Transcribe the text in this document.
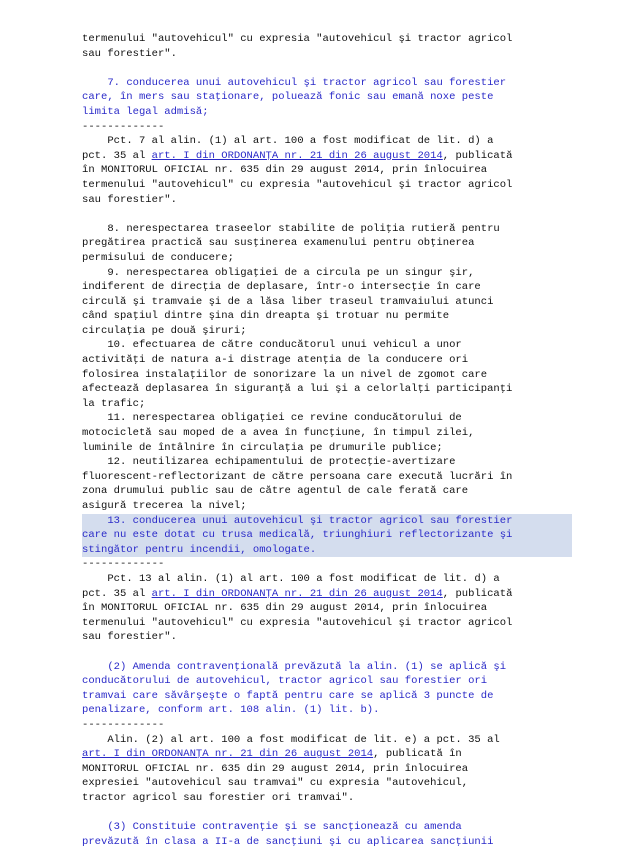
termenului "autovehicul" cu expresia "autovehicul şi tractor agricol
sau forestier".
7. conducerea unui autovehicul şi tractor agricol sau forestier
care, în mers sau staţionare, poluează fonic sau emană noxe peste
limita legal admisă;
-------------
Pct. 7 al alin. (1) al art. 100 a fost modificat de lit. d) a
pct. 35 al art. I din ORDONANŢA nr. 21 din 26 august 2014, publicată
în MONITORUL OFICIAL nr. 635 din 29 august 2014, prin înlocuirea
termenului "autovehicul" cu expresia "autovehicul şi tractor agricol
sau forestier".
8. nerespectarea traseelor stabilite de poliţia rutieră pentru
pregătirea practică sau susţinerea examenului pentru obţinerea
permisului de conducere;
9. nerespectarea obligaţiei de a circula pe un singur şir,
indiferent de direcţia de deplasare, într-o intersecţie în care
circulă şi tramvaie şi de a lăsa liber traseul tramvaiului atunci
când spaţiul dintre şina din dreapta şi trotuar nu permite
circulaţia pe două şiruri;
10. efectuarea de către conducătorul unui vehicul a unor
activităţi de natura a-i distrage atenţia de la conducere ori
folosirea instalaţiilor de sonorizare la un nivel de zgomot care
afectează deplasarea în siguranţă a lui şi a celorlalţi participanţi
la trafic;
11. nerespectarea obligaţiei ce revine conducătorului de
motocicletă sau moped de a avea în funcţiune, în timpul zilei,
luminile de întâlnire în circulaţia pe drumurile publice;
12. neutilizarea echipamentului de protecţie-avertizare
fluorescent-reflectorizant de către persoana care execută lucrări în
zona drumului public sau de către agentul de cale ferată care
asigură trecerea la nivel;
13. conducerea unui autovehicul şi tractor agricol sau forestier
care nu este dotat cu trusa medicală, triunghiuri reflectorizante şi
stingător pentru incendii, omologate.
-------------
Pct. 13 al alin. (1) al art. 100 a fost modificat de lit. d) a
pct. 35 al art. I din ORDONANŢA nr. 21 din 26 august 2014, publicată
în MONITORUL OFICIAL nr. 635 din 29 august 2014, prin înlocuirea
termenului "autovehicul" cu expresia "autovehicul şi tractor agricol
sau forestier".
(2) Amenda contravenţională prevăzută la alin. (1) se aplică şi
conducătorului de autovehicul, tractor agricol sau forestier ori
tramvai care săvârşeşte o faptă pentru care se aplică 3 puncte de
penalizare, conform art. 108 alin. (1) lit. b).
-------------
Alin. (2) al art. 100 a fost modificat de lit. e) a pct. 35 al
art. I din ORDONANŢA nr. 21 din 26 august 2014, publicată în
MONITORUL OFICIAL nr. 635 din 29 august 2014, prin înlocuirea
expresiei "autovehicul sau tramvai" cu expresia "autovehicul,
tractor agricol sau forestier ori tramvai".
(3) Constituie contravenţie şi se sancţionează cu amenda
prevăzută în clasa a II-a de sancţiuni şi cu aplicarea sancţiunii
